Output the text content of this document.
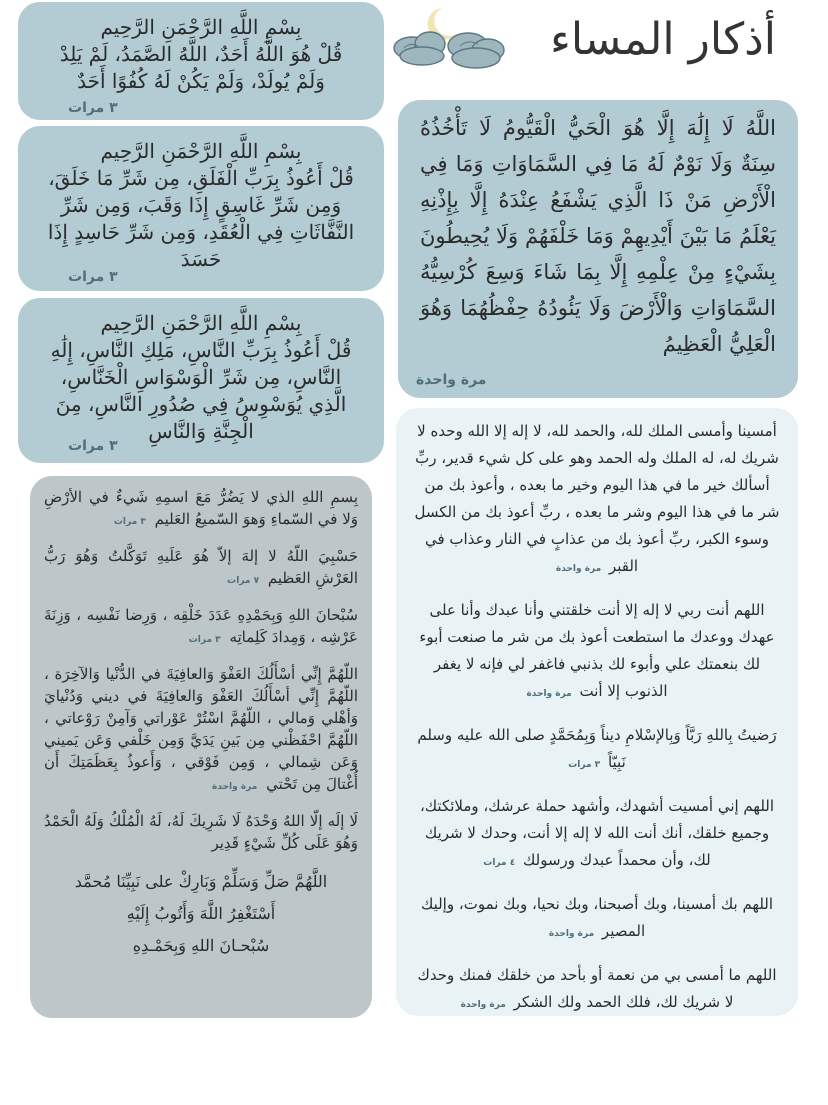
أذكار المساء
بِسْمِ اللَّهِ الرَّحْمَنِ الرَّحِيم
قُلْ هُوَ اللَّهُ أَحَدٌ، اللَّهُ الصَّمَدُ، لَمْ يَلِدْ
وَلَمْ يُولَدْ، وَلَمْ يَكُنْ لَهُ كُفُوًا أَحَدٌ
٣ مرات
بِسْمِ اللَّهِ الرَّحْمَنِ الرَّحِيم
قُلْ أَعُوذُ بِرَبِّ الْفَلَقِ، مِن شَرِّ مَا خَلَقَ،
وَمِن شَرِّ غَاسِقٍ إِذَا وَقَبَ، وَمِن شَرِّ
النَّفَّاثَاتِ فِي الْعُقَدِ، وَمِن شَرِّ حَاسِدٍ إِذَا
حَسَدَ
٣ مرات
بِسْمِ اللَّهِ الرَّحْمَنِ الرَّحِيم
قُلْ أَعُوذُ بِرَبِّ النَّاسِ، مَلِكِ النَّاسِ، إِلَٰهِ
النَّاسِ، مِن شَرِّ الْوَسْوَاسِ الْخَنَّاسِ،
الَّذِي يُوَسْوِسُ فِي صُدُورِ النَّاسِ، مِنَ
الْجِنَّةِ وَالنَّاسِ
٣ مرات
اللَّهُ لَا إِلَٰهَ إِلَّا هُوَ الْحَيُّ الْقَيُّومُ لَا تَأْخُذُهُ سِنَةٌ وَلَا نَوْمٌ لَهُ مَا فِي السَّمَاوَاتِ وَمَا فِي الْأَرْضِ مَنْ ذَا الَّذِي يَشْفَعُ عِنْدَهُ إِلَّا بِإِذْنِهِ يَعْلَمُ مَا بَيْنَ أَيْدِيهِمْ وَمَا خَلْفَهُمْ وَلَا يُحِيطُونَ بِشَيْءٍ مِنْ عِلْمِهِ إِلَّا بِمَا شَاءَ وَسِعَ كُرْسِيُّهُ السَّمَاوَاتِ وَالْأَرْضَ وَلَا يَئُودُهُ حِفْظُهُمَا وَهُوَ الْعَلِيُّ الْعَظِيمُ
مرة واحدة
بِسمِ اللهِ الذي لا يَضُرُّ مَعَ اسمِهِ شَيءٌ في الأرْضِ وَلا في السّماءِ وَهوَ السّميعُ العَليم ٣ مرات
حَسْبِيَ اللّهُ لا إلهَ إلاّ هُوَ عَلَيهِ تَوَكَّلتُ وَهُوَ رَبُّ العَرْشِ العَظيم ٧ مرات
سُبْحانَ اللهِ وَبِحَمْدِهِ عَدَدَ خَلْقِه ، وَرِضا نَفْسِه ، وَزِنَةَ عَرْشِه ، وَمِدادَ كَلِماتِه ٣ مرات
اللّهُمَّ إِنِّي أسْأَلُكَ العَفْوَ وَالعافِيَةَ في الدُّنْيا وَالآخِرَة ، اللّهُمَّ إِنِّي أسْأَلُكَ العَفْوَ وَالعافِيَةَ في ديني وَدُنْيايَ وَأهْلي وَمالي ، اللّهُمَّ اسْتُرْ عَوْراتي وَآمِنْ رَوْعاتي ، اللّهُمَّ احْفَظْني مِن بَينِ يَدَيَّ وَمِن خَلْفي وَعَن يَميني وَعَن شِمالي ، وَمِن فَوْقي ، وَأَعوذُ بِعَظَمَتِكَ أَن أُغْتالَ مِن تَحْتي مرة واحدة
لَا إلَه إلّا اللهُ وَحْدَهُ لَا شَرِيكَ لَهُ، لَهُ الْمُلْكُ وَلَهُ الْحَمْدُ وَهُوَ عَلَى كُلِّ شَيْءٍ قَدِير
اللَّهُمَّ صَلِّ وَسَلِّمْ وَبَارِكْ على نَبِيِّنَا مُحمَّد
أَسْتَغْفِرُ اللَّهَ وَأَتُوبُ إِلَيْهِ
سُبْحـانَ اللهِ وَبِحَمْـدِهِ
أمسينا وأمسى الملك لله، والحمد لله، لا إله إلا الله وحده لا شريك له، له الملك وله الحمد وهو على كل شيء قدير، ربِّ أسألك خير ما في هذا اليوم وخير ما بعده ، وأعوذ بك من شر ما في هذا اليوم وشر ما بعده ، ربِّ أعوذ بك من الكسل وسوء الكبر، ربِّ أعوذ بك من عذابٍ في النار وعذاب في القبر مرة واحدة
اللهم أنت ربي لا إله إلا أنت خلقتني وأنا عبدك وأنا على عهدك ووعدك ما استطعت أعوذ بك من شر ما صنعت أبوء لك بنعمتك علي وأبوء لك بذنبي فاغفر لي فإنه لا يغفر الذنوب إلا أنت مرة واحدة
رَضيتُ بِاللهِ رَبَّاً وَبِالإسْلامِ ديناً وَبِمُحَمَّدٍ صلى الله عليه وسلم نَبِيّاً ٣ مرات
اللهم إني أمسيت أشهدك، وأشهد حملة عرشك، وملائكتك، وجميع خلقك، أنك أنت الله لا إله إلا أنت، وحدك لا شريك لك، وأن محمداً عبدك ورسولك ٤ مرات
اللهم بك أمسينا، وبك أصبحنا، وبك نحيا، وبك نموت، وإليك المصير مرة واحدة
اللهم ما أمسى بي من نعمة أو بأحد من خلقك فمنك وحدك لا شريك لك، فلك الحمد ولك الشكر مرة واحدة
